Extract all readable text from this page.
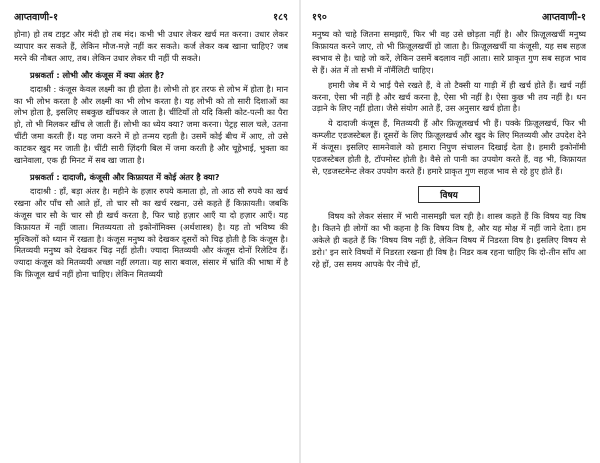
आप्तवाणी-१	१८९

होना) हो तब टाइट और मंदी हो तब मंद। कभी भी उधार लेकर खर्च मत करना। उधार लेकर व्यापार कर सकते हैं, लेकिन मौज-मज़े नहीं कर सकते। कर्ज लेकर कब खाना चाहिए? जब मरने की नौबत आए, तब। लेकिन उधार लेकर घी नहीं पी सकते।

प्रश्नकर्ता : लोभी और कंजूस में क्या अंतर है?

दादाश्री : कंजूस केवल लक्ष्मी का ही होता है। लोभी तो हर तरफ से लोभ में होता है। मान का भी लोभ करता है और लक्ष्मी का भी लोभ करता है। यह लोभी को तो सारी दिशाओं का लोभ होता है, इसलिए सबकुछ खींचकर ले जाता है। चींटियाँ तो यदि किसी कोट-पत्नी का पैरा हो, तो भी मिलकर खींच ले जाती हैं। लोभी का ध्येय क्या? जमा करना। पेट्रह साल चले, उतना चींटी जमा करती हैं। यह जमा करने में हो तन्मय रहती है। उसमें कोई बीच में आए, तो उसे काटकर खुद मर जाती है। चींटी सारी ज़िंदगी बिल में जमा करती है और चूहेभाई, भुक्ता का खानेवाला, एक ही मिनट में सब खा जाता है।

प्रश्नकर्ता : दादाजी, कंजूसी और किफ़ायत में कोई अंतर है क्या?

दादाश्री : हाँ, बड़ा अंतर है। महीने के हज़ार रुपये कमाता हो, तो आठ सौ रुपये का खर्च रखना और पाँच सौ आते हों, तो चार सौ का खर्च रखना, उसे कहते हैं किफ़ायती। जबकि कंजूस चार सौ के चार सौ ही खर्च करता है, फिर चाहे हज़ार आएँ या दो हज़ार आएँ। यह किफ़ायत में नहीं जाता। मितव्ययता तो इकोनॉमिक्स (अर्थशास्त्र) है। यह तो भविष्य की मुश्किलों को ध्यान में रखता है। कंजूस मनुष्य को देखकर दूसरों को चिढ़ होती है कि कंजूस है। मितव्ययी मनुष्य को देखकर चिढ़ नहीं होती। ज्यादा मितव्ययी और कंजूस दोनों रिलेटिव हैं। ज्यादा कंजूस को मितव्ययी अच्छा नहीं लगता। यह सारा बवाल, संसार में भ्रांति की भाषा में है कि फ़िजूल खर्च नहीं होना चाहिए। लेकिन मितव्ययी

१९०	आप्तवाणी-१

मनुष्य को चाहे जितना समझाएँ, फिर भी वह उसे छोड़ता नहीं है। और फ़िज़ूलखर्ची मनुष्य किफ़ायत करने जाए, तो भी फ़िज़ूलखर्ची हो जाता है। फ़िज़ूलखर्ची या कंजूसी, यह सब सहज स्वभाव से है। चाहे जो करें, लेकिन उसमें बदलाव नहीं आता। सारे प्राकृत गुण सब सहज भाव से हैं। अंत में तो सभी में नॉर्मैलिटी चाहिए।

हमारी जेब में ये भाई पैसे रखते हैं, वे तो टैक्सी या गाड़ी में ही खर्च होते हैं। खर्च नहीं करना, ऐसा भी नहीं है और खर्च करना है, ऐसा भी नहीं है। ऐसा कुछ भी तय नहीं है। धन उड़ाने के लिए नहीं होता। जैसे संयोग आते हैं, उस अनुसार खर्च होता है।

ये दादाजी कंजूस हैं, मितव्ययी हैं और फ़िज़ूलखर्च भी हैं। पक्के फ़िज़ूलखर्च, फिर भी कम्प्लीट एडजस्टेबल हैं। दूसरों के लिए फ़िज़ूलखर्च और खुद के लिए मितव्ययी और उपदेश देने में कंजूस। इसलिए सामनेवाले को हमारा निपुण संचालन दिखाई देता है। हमारी इकोनॉमी एडजस्टेबल होती है, टॉपमोस्ट होती है। वैसे तो पानी का उपयोग करते हैं, वह भी, किफ़ायत से, एडजस्टमेन्ट लेकर उपयोग करते हैं। हमारे प्राकृत गुण सहज भाव से रहे हुए होते हैं।

विषय

विषय को लेकर संसार में भारी नासमझी चल रही है। शास्त्र कहते हैं कि विषय यह विष है। कितने ही लोगों का भी कहना है कि विषय विष है, और यह मोक्ष में नहीं जाने देता। हम अकेले ही कहते हैं कि 'विषय विष नहीं है, लेकिन विषय में निडरता विष है। इसलिए विषय से डरो।' इन सारे विषयों में निडरता रखना ही विष है। निडर कब रहना चाहिए कि दो-तीन साँप आ रहे हों, उस समय आपके पैर नीचे हों,
